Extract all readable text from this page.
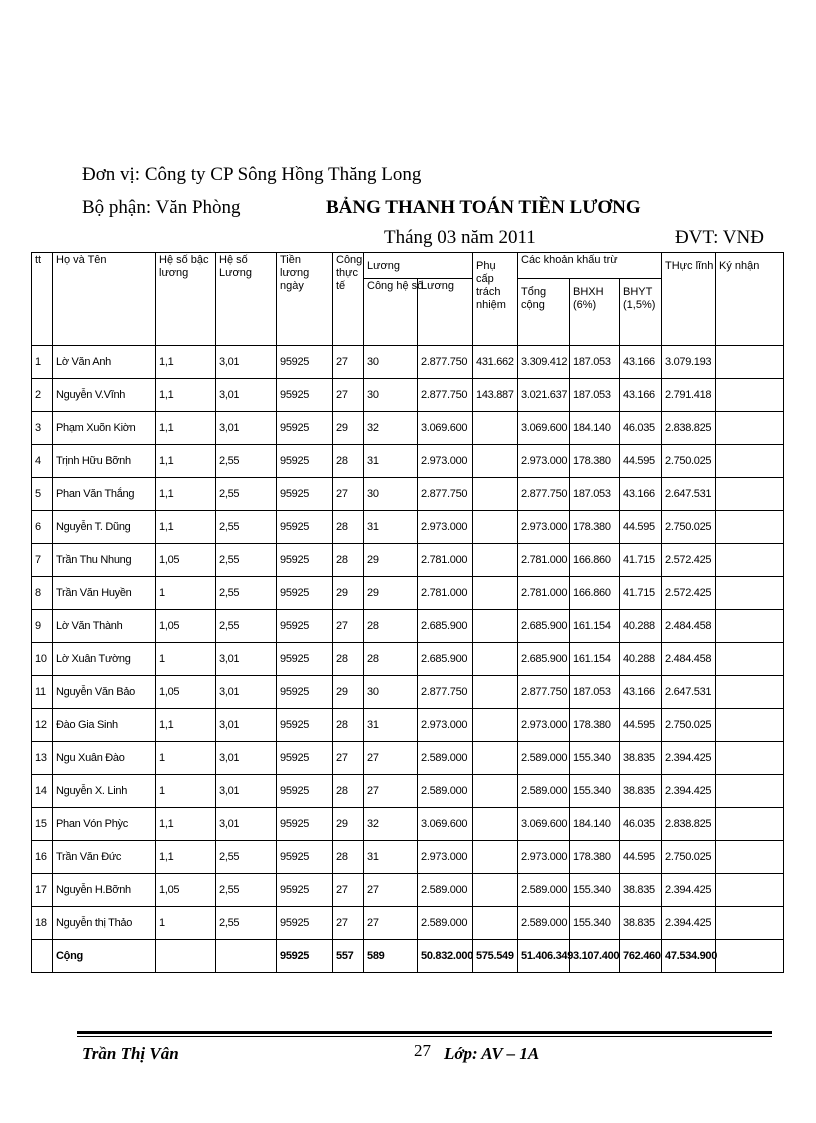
Đơn vị: Công ty CP Sông Hồng Thăng Long
Bộ phận: Văn Phòng	BẢNG THANH TOÁN TIỀN LƯƠNG
Tháng 03 năm 2011	ĐVT: VNĐ
tt	Họ và Tên	Hệ số bậc lương	Hệ số Lương	Tiền lương ngày	Công thực tế	Lương		Phụ cấp trách nhiệm	Các khoản khấu trừ			THực lĩnh	Ký nhận

									Tổng cộng	BHXH (6%)	BHYT (1,5%)		

						Công hệ số	Lương						
1	Lờ Văn Anh	1,1	3,01	95925	27	30	2.877.750	431.662	3.309.412	187.053	43.166	3.079.193	
2	Nguyễn V.Vĩnh	1,1	3,01	95925	27	30	2.877.750	143.887	3.021.637	187.053	43.166	2.791.418	
3	Phạm Xuõn Kiờn	1,1	3,01	95925	29	32	3.069.600		3.069.600	184.140	46.035	2.838.825	
4	Trịnh Hữu Bỡnh	1,1	2,55	95925	28	31	2.973.000		2.973.000	178.380	44.595	2.750.025	
5	Phan Văn Thắng	1,1	2,55	95925	27	30	2.877.750		2.877.750	187.053	43.166	2.647.531	
6	Nguyễn T. Dũng	1,1	2,55	95925	28	31	2.973.000		2.973.000	178.380	44.595	2.750.025	
7	Trần Thu Nhung	1,05	2,55	95925	28	29	2.781.000		2.781.000	166.860	41.715	2.572.425	
8	Trần Văn Huyền	1	2,55	95925	29	29	2.781.000		2.781.000	166.860	41.715	2.572.425	
9	Lờ Văn Thành	1,05	2,55	95925	27	28	2.685.900		2.685.900	161.154	40.288	2.484.458	
10	Lờ Xuân Tường	1	3,01	95925	28	28	2.685.900		2.685.900	161.154	40.288	2.484.458	
11	Nguyễn Văn Bảo	1,05	3,01	95925	29	30	2.877.750		2.877.750	187.053	43.166	2.647.531	
12	Đào Gia Sinh	1,1	3,01	95925	28	31	2.973.000		2.973.000	178.380	44.595	2.750.025	
13	Ngu Xuân Đào	1	3,01	95925	27	27	2.589.000		2.589.000	155.340	38.835	2.394.425	
14	Nguyễn X. Linh	1	3,01	95925	28	27	2.589.000		2.589.000	155.340	38.835	2.394.425	
15	Phan Vón Phỳc	1,1	3,01	95925	29	32	3.069.600		3.069.600	184.140	46.035	2.838.825	
16	Trần Văn Đức	1,1	2,55	95925	28	31	2.973.000		2.973.000	178.380	44.595	2.750.025	
17	Nguyễn H.Bỡnh	1,05	2,55	95925	27	27	2.589.000		2.589.000	155.340	38.835	2.394.425	
18	Nguyễn thị Thảo	1	2,55	95925	27	27	2.589.000		2.589.000	155.340	38.835	2.394.425	
	Cộng			95925	557	589	50.832.000	575.549	51.406.349	3.107.400	762.460	47.534.900	
Trần Thị Vân	27 Lớp: AV – 1A
